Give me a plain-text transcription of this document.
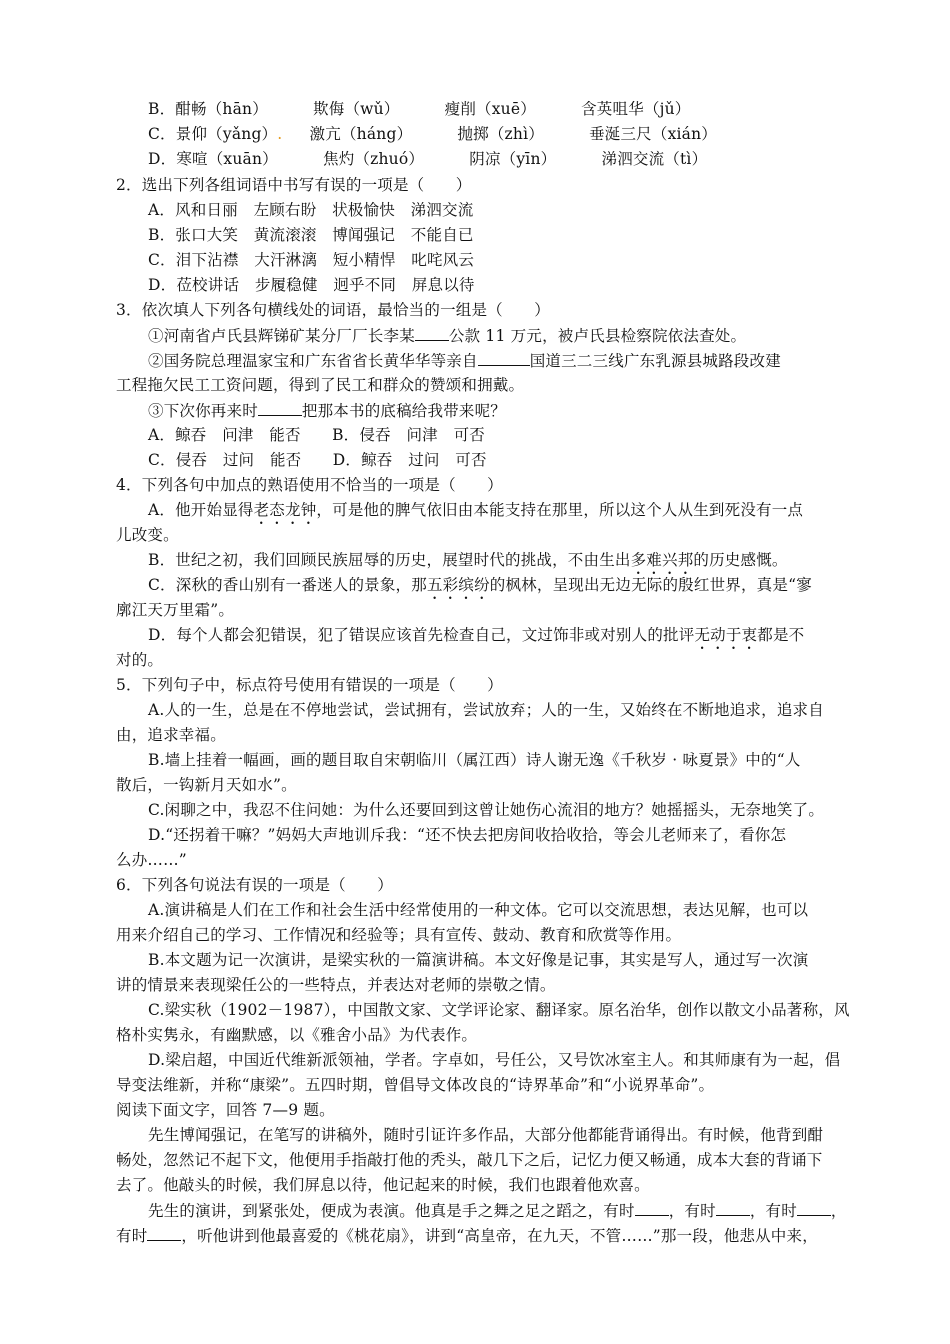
B．酣畅（hān）	欺侮（wǔ）	瘦削（xuē）	含英咀华（jǔ）
C．景仰（yǎng）. 激亢（háng）	抛掷（zhì）	垂涎三尺（xián）
D．寒喧（xuān）	焦灼（zhuó）	阴凉（yīn）	涕泗交流（tì）
2．选出下列各组词语中书写有误的一项是（　　）
A．风和日丽　左顾右盼　状极愉快　涕泗交流
B．张口大笑　黄流滚滚　博闻强记　不能自已
C．泪下沾襟　大汗淋漓　短小精悍　叱咤风云
D．莅校讲话　步履稳健　迥乎不同　屏息以待
3．依次填人下列各句横线处的词语，最恰当的一组是（　　）
①河南省卢氏县辉锑矿某分厂厂长李某 公款 11 万元，被卢氏县检察院依法查处。
②国务院总理温家宝和广东省省长黄华华等亲自	国道三二三线广东乳源县城路段改建
工程拖欠民工工资问题，得到了民工和群众的赞颂和拥戴。
③下次你再来时	把那本书的底稿给我带来呢？
A．鲸吞　问津　能否　　B．侵吞　问津　可否
C．侵吞　过问　能否　　D．鲸吞　过问　可否
4．下列各句中加点的熟语使用不恰当的一项是（　　）
A．他开始显得老态龙钟，可是他的脾气依旧由本能支持在那里，所以这个人从生到死没有一点
儿改变。
B．世纪之初，我们回顾民族屈辱的历史，展望时代的挑战，不由生出多难兴邦的历史感慨。
C．深秋的香山别有一番迷人的景象，那五彩缤纷的枫林，呈现出无边无际的殷红世界，真是“寥
廓江天万里霜”。
D．每个人都会犯错误，犯了错误应该首先检查自己，文过饰非或对别人的批评无动于衷都是不
对的。
5．下列句子中，标点符号使用有错误的一项是（　　）
A.人的一生，总是在不停地尝试，尝试拥有，尝试放弃；人的一生，又始终在不断地追求，追求自
由，追求幸福。
B.墙上挂着一幅画，画的题目取自宋朝临川（属江西）诗人谢无逸《千秋岁 · 咏夏景》中的“人
散后，一钩新月天如水”。
C.闲聊之中，我忍不住问她：为什么还要回到这曾让她伤心流泪的地方？她摇摇头，无奈地笑了。
D.“还拐着干嘛？”妈妈大声地训斥我：“还不快去把房间收拾收拾，等会儿老师来了，看你怎
么办……”
6．下列各句说法有误的一项是（　　）
A.演讲稿是人们在工作和社会生活中经常使用的一种文体。它可以交流思想，表达见解，也可以
用来介绍自己的学习、工作情况和经验等；具有宣传、鼓动、教育和欣赏等作用。
B.本文题为记一次演讲，是梁实秋的一篇演讲稿。本文好像是记事，其实是写人，通过写一次演
讲的情景来表现梁任公的一些特点，并表达对老师的崇敬之情。
C.梁实秋（1902－1987），中国散文家、文学评论家、翻译家。原名治华，创作以散文小品著称，风
格朴实隽永，有幽默感，以《雅舍小品》为代表作。
D.梁启超，中国近代维新派领袖，学者。字卓如，号任公，又号饮冰室主人。和其师康有为一起，倡
导变法维新，并称“康梁”。五四时期，曾倡导文体改良的“诗界革命”和“小说界革命”。
阅读下面文字，回答 7—9 题。
先生博闻强记，在笔写的讲稿外，随时引证许多作品，大部分他都能背诵得出。有时候，他背到酣
畅处，忽然记不起下文，他便用手指敲打他的秃头，敲几下之后，记忆力便又畅通，成本大套的背诵下
去了。他敲头的时候，我们屏息以待，他记起来的时候，我们也跟着他欢喜。
先生的演讲，到紧张处，便成为表演。他真是手之舞之足之蹈之，有时 ，有时 ，有时 ，
有时 ，听他讲到他最喜爱的《桃花扇》，讲到“高皇帝，在九天，不管……”那一段，他悲从中来，
